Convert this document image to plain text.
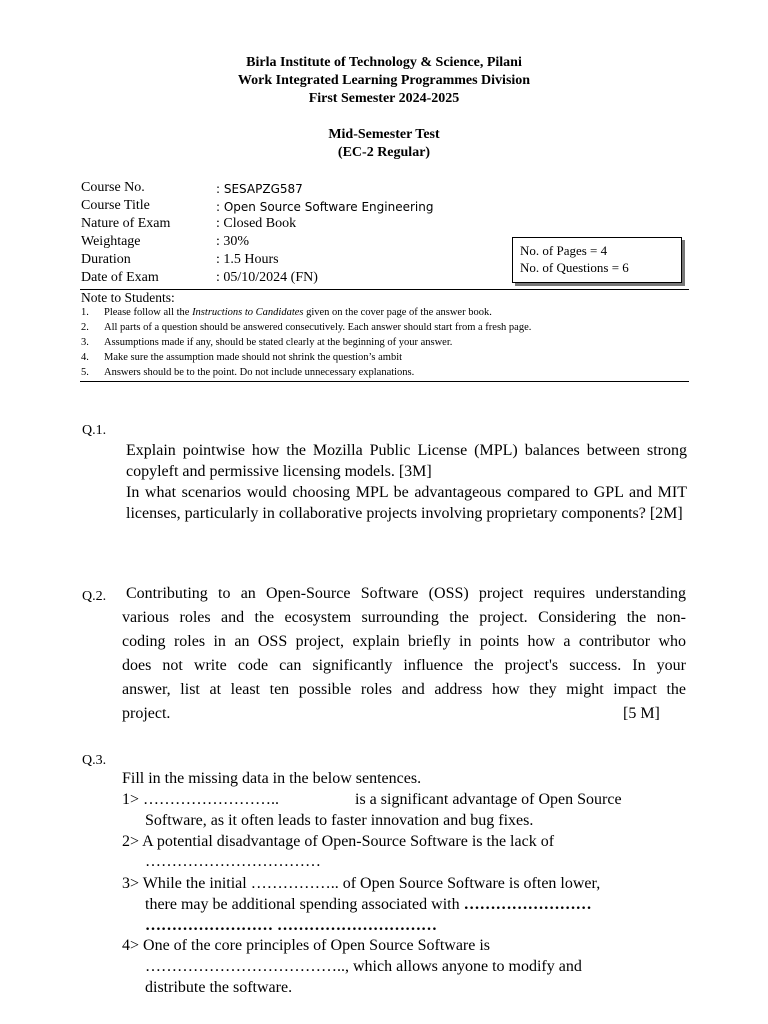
Birla Institute of Technology & Science, Pilani
Work Integrated Learning Programmes Division
First Semester 2024-2025
Mid-Semester Test
(EC-2 Regular)
Course No.	: SESAPZG587
Course Title	: Open Source Software Engineering
Nature of Exam	: Closed Book
Weightage	: 30%
Duration	: 1.5 Hours
Date of Exam	: 05/10/2024 (FN)
No. of Pages = 4
No. of Questions = 6
Note to Students:
1. Please follow all the Instructions to Candidates given on the cover page of the answer book.
2. All parts of a question should be answered consecutively. Each answer should start from a fresh page.
3. Assumptions made if any, should be stated clearly at the beginning of your answer.
4. Make sure the assumption made should not shrink the question’s ambit
5. Answers should be to the point. Do not include unnecessary explanations.
Q.1.
Explain pointwise how the Mozilla Public License (MPL) balances between strong copyleft and permissive licensing models. [3M]
In what scenarios would choosing MPL be advantageous compared to GPL and MIT licenses, particularly in collaborative projects involving proprietary components? [2M]
Q.2. Contributing to an Open-Source Software (OSS) project requires understanding
various roles and the ecosystem surrounding the project. Considering the non-
coding roles in an OSS project, explain briefly in points how a contributor who
does not write code can significantly influence the project's success. In your
answer, list at least ten possible roles and address how they might impact the
project.	[5 M]
Q.3.
Fill in the missing data in the below sentences.
1> ……………………..	is a significant advantage of Open Source
Software, as it often leads to faster innovation and bug fixes.
2> A potential disadvantage of Open-Source Software is the lack of
……………………………
3> While the initial …………….. of Open Source Software is often lower,
there may be additional spending associated with ……………………
…………………… …………………………
4> One of the core principles of Open Source Software is
……………………………….., which allows anyone to modify and
distribute the software.
